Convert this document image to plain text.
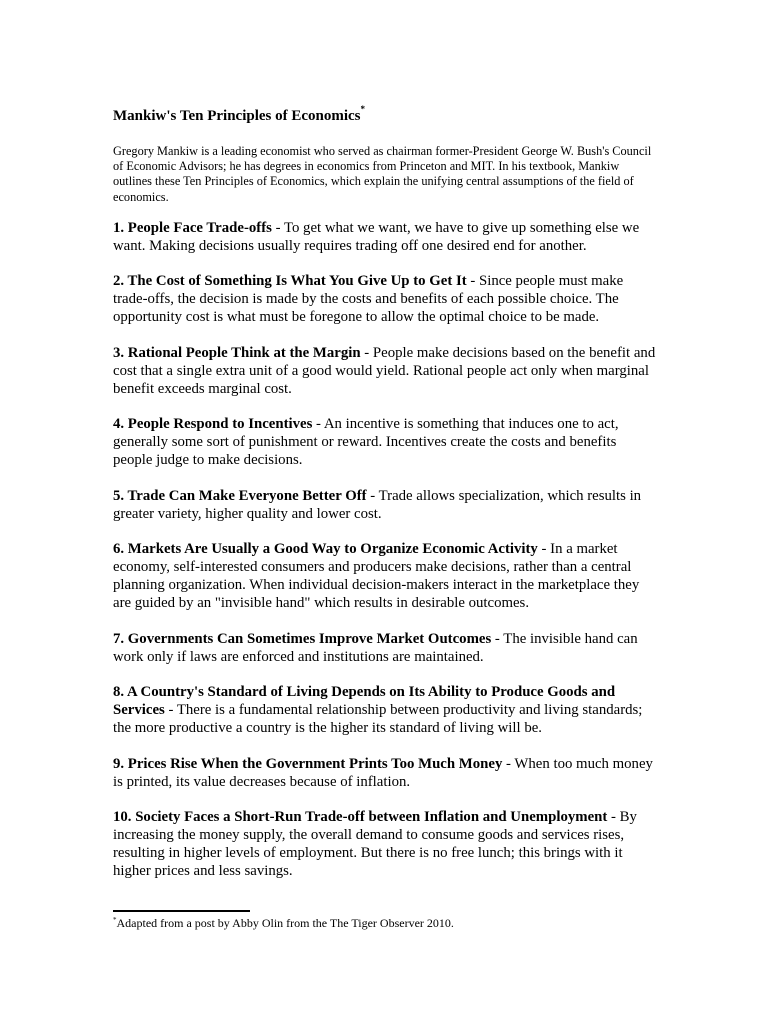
Mankiw's Ten Principles of Economics*
Gregory Mankiw is a leading economist who served as chairman former-President George W. Bush's Council of Economic Advisors; he has degrees in economics from Princeton and MIT. In his textbook, Mankiw outlines these Ten Principles of Economics, which explain the unifying central assumptions of the field of economics.
1. People Face Trade-offs - To get what we want, we have to give up something else we want. Making decisions usually requires trading off one desired end for another.
2. The Cost of Something Is What You Give Up to Get It - Since people must make trade-offs, the decision is made by the costs and benefits of each possible choice. The opportunity cost is what must be foregone to allow the optimal choice to be made.
3. Rational People Think at the Margin - People make decisions based on the benefit and cost that a single extra unit of a good would yield. Rational people act only when marginal benefit exceeds marginal cost.
4. People Respond to Incentives - An incentive is something that induces one to act, generally some sort of punishment or reward. Incentives create the costs and benefits people judge to make decisions.
5. Trade Can Make Everyone Better Off - Trade allows specialization, which results in greater variety, higher quality and lower cost.
6. Markets Are Usually a Good Way to Organize Economic Activity - In a market economy, self-interested consumers and producers make decisions, rather than a central planning organization. When individual decision-makers interact in the marketplace they are guided by an "invisible hand" which results in desirable outcomes.
7. Governments Can Sometimes Improve Market Outcomes - The invisible hand can work only if laws are enforced and institutions are maintained.
8. A Country's Standard of Living Depends on Its Ability to Produce Goods and Services - There is a fundamental relationship between productivity and living standards; the more productive a country is the higher its standard of living will be.
9. Prices Rise When the Government Prints Too Much Money - When too much money is printed, its value decreases because of inflation.
10. Society Faces a Short-Run Trade-off between Inflation and Unemployment - By increasing the money supply, the overall demand to consume goods and services rises, resulting in higher levels of employment. But there is no free lunch; this brings with it higher prices and less savings.
*Adapted from a post by Abby Olin from the The Tiger Observer 2010.
